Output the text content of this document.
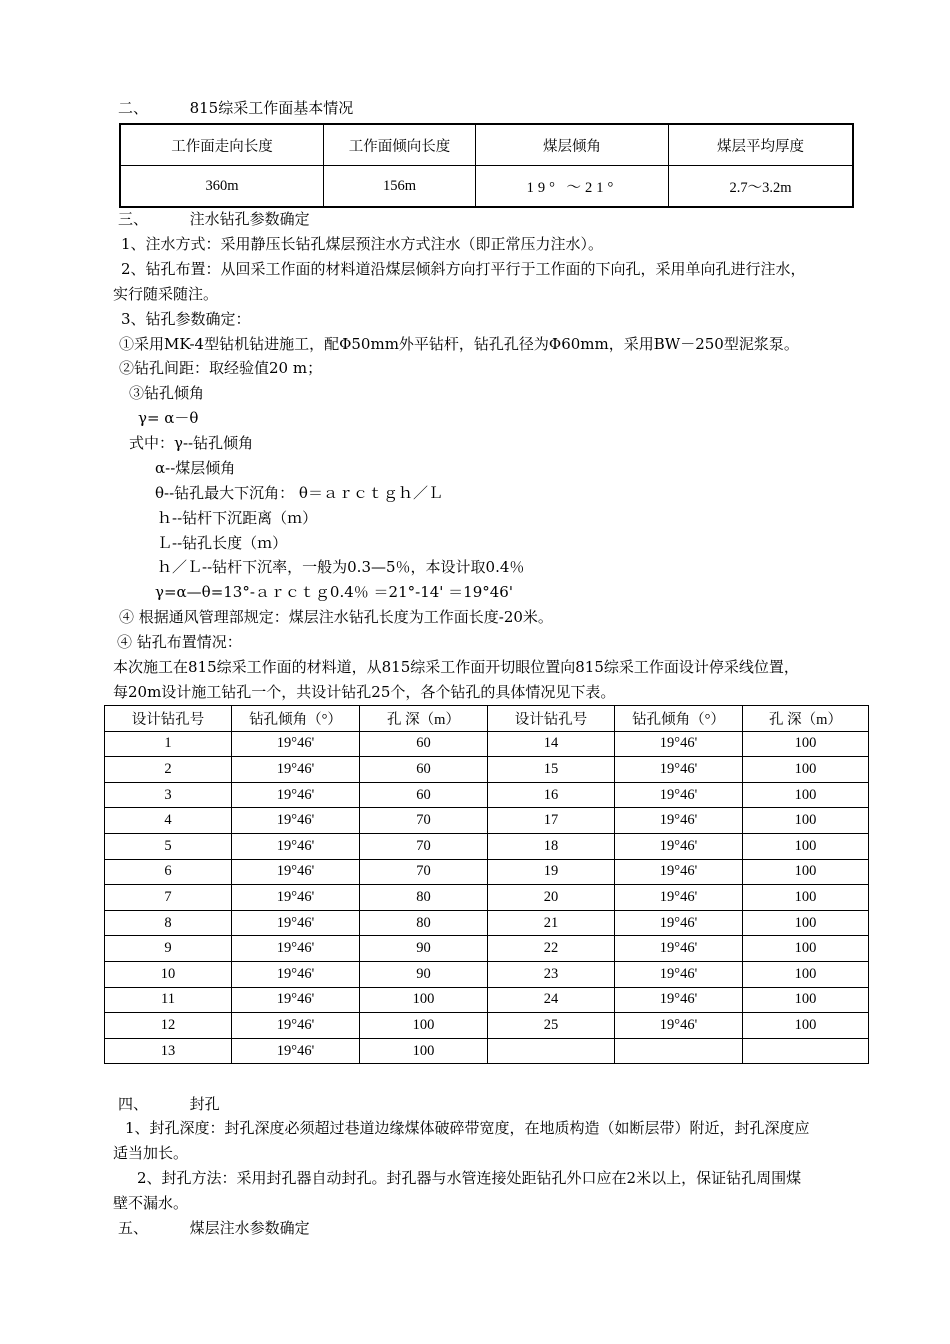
二、	815综采工作面基本情况
工作面走向长度	工作面倾向长度	煤层倾角	煤层平均厚度
360m	156m	19° ～21°	2.7～3.2m
三、	注水钻孔参数确定
1、注水方式：采用静压长钻孔煤层预注水方式注水（即正常压力注水）。
2、钻孔布置：从回采工作面的材料道沿煤层倾斜方向打平行于工作面的下向孔，采用单向孔进行注水，
实行随采随注。
3、钻孔参数确定：
①采用MK-4型钻机钻进施工，配Φ50mm外平钻杆，钻孔孔径为Φ60mm，采用BW－250型泥浆泵。
②钻孔间距：取经验值20 m；
③钻孔倾角
γ= α－θ
式中：γ--钻孔倾角
α--煤层倾角
θ--钻孔最大下沉角： θ＝ａｒｃｔｇｈ／Ｌ
ｈ--钻杆下沉距离（ｍ）
Ｌ--钻孔长度（ｍ）
ｈ／Ｌ--钻杆下沉率，一般为0.3—5％，本设计取0.4％
γ=α—θ=13°-ａｒｃｔｇ0.4％ ＝21°-14' ＝19°46'
④ 根据通风管理部规定：煤层注水钻孔长度为工作面长度-20米。
④ 钻孔布置情况：
本次施工在815综采工作面的材料道，从815综采工作面开切眼位置向815综采工作面设计停采线位置，
每20m设计施工钻孔一个，共设计钻孔25个，各个钻孔的具体情况见下表。
设计钻孔号	钻孔倾角（°）	孔 深（m）	设计钻孔号	钻孔倾角（°）	孔 深（m）
1	19°46'	60	14	19°46'	100
2	19°46'	60	15	19°46'	100
3	19°46'	60	16	19°46'	100
4	19°46'	70	17	19°46'	100
5	19°46'	70	18	19°46'	100
6	19°46'	70	19	19°46'	100
7	19°46'	80	20	19°46'	100
8	19°46'	80	21	19°46'	100
9	19°46'	90	22	19°46'	100
10	19°46'	90	23	19°46'	100
11	19°46'	100	24	19°46'	100
12	19°46'	100	25	19°46'	100
13	19°46'	100			
四、	封孔
1、封孔深度：封孔深度必须超过巷道边缘煤体破碎带宽度，在地质构造（如断层带）附近，封孔深度应
适当加长。
2、封孔方法：采用封孔器自动封孔。封孔器与水管连接处距钻孔外口应在2米以上，保证钻孔周围煤
壁不漏水。
五、	煤层注水参数确定
